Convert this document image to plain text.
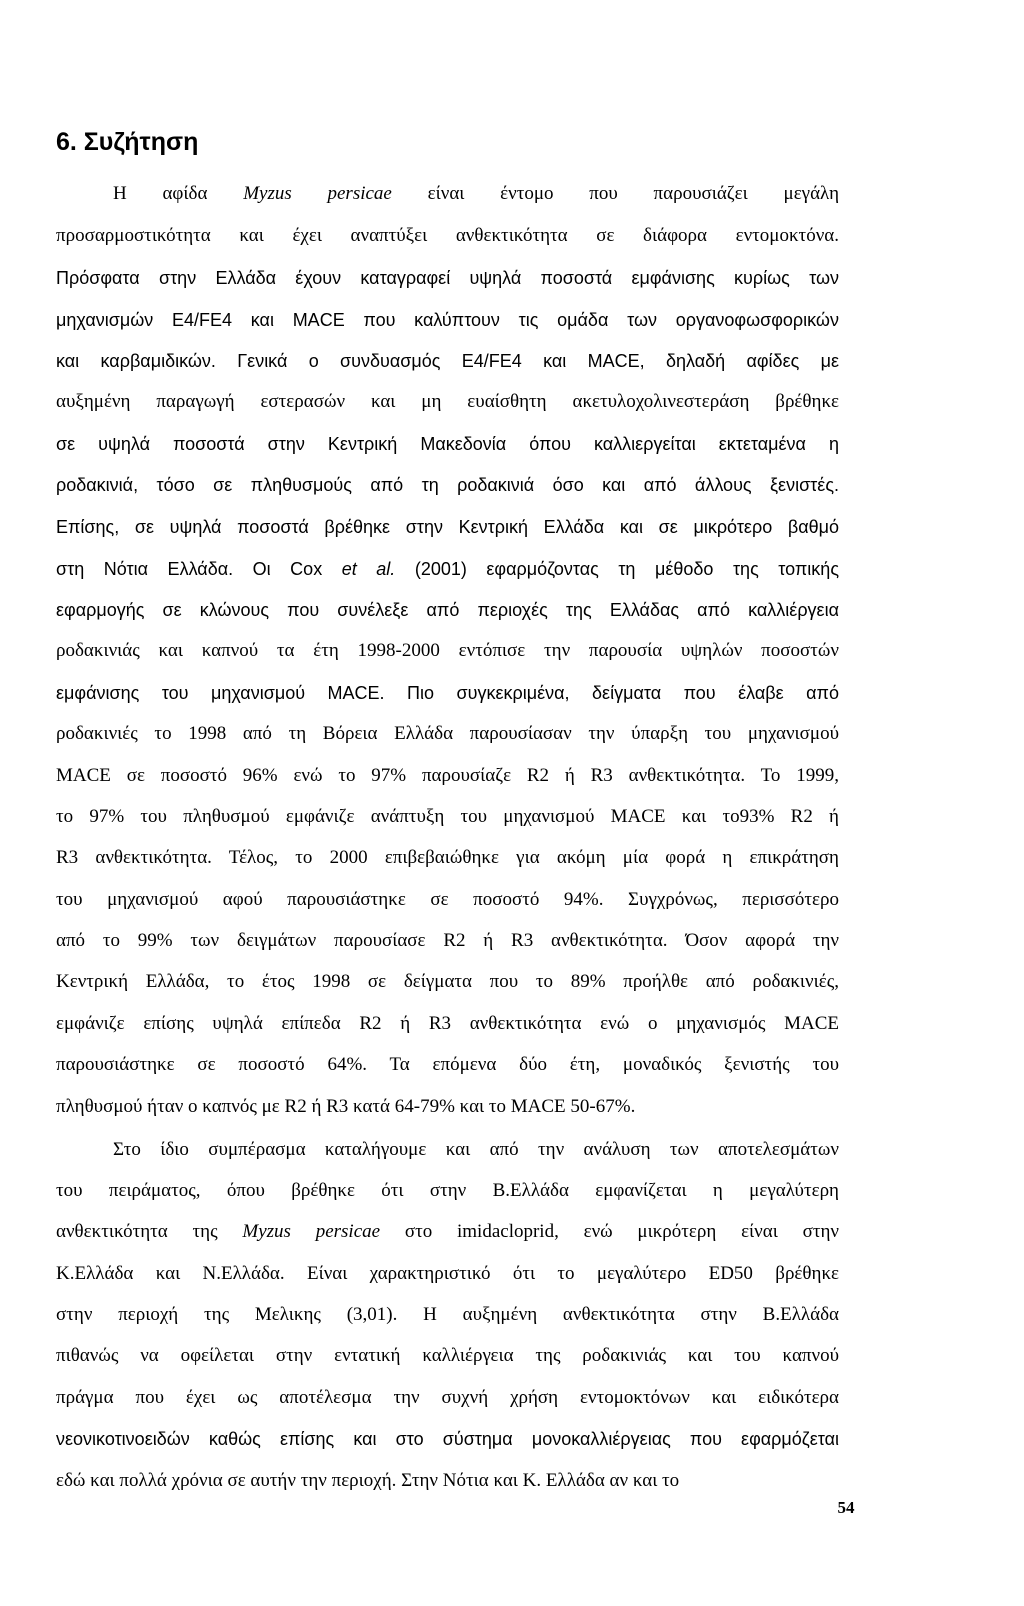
6. Συζήτηση
Η αφίδα Myzus persicae είναι έντομο που παρουσιάζει μεγάλη
προσαρμοστικότητα και έχει αναπτύξει ανθεκτικότητα σε διάφορα εντομοκτόνα.
Πρόσφατα στην Ελλάδα έχουν καταγραφεί υψηλά ποσοστά εμφάνισης κυρίως των
μηχανισμών E4/FE4 και MACE που καλύπτουν τις ομάδα των οργανοφωσφορικών
και καρβαμιδικών. Γενικά ο συνδυασμός E4/FE4 και MACE, δηλαδή αφίδες με
αυξημένη παραγωγή εστερασών και μη ευαίσθητη ακετυλοχολινεστεράση βρέθηκε
σε υψηλά ποσοστά στην Κεντρική Μακεδονία όπου καλλιεργείται εκτεταμένα η
ροδακινιά, τόσο σε πληθυσμούς από τη ροδακινιά όσο και από άλλους ξενιστές.
Επίσης, σε υψηλά ποσοστά βρέθηκε στην Κεντρική Ελλάδα και σε μικρότερο βαθμό
στη Νότια Ελλάδα. Οι Cox et al. (2001) εφαρμόζοντας τη μέθοδο της τοπικής
εφαρμογής σε κλώνους που συνέλεξε από περιοχές της Ελλάδας από καλλιέργεια
ροδακινιάς και καπνού τα έτη 1998-2000 εντόπισε την παρουσία υψηλών ποσοστών
εμφάνισης του μηχανισμού MACE. Πιο συγκεκριμένα, δείγματα που έλαβε από
ροδακινιές το 1998 από τη Βόρεια Ελλάδα παρουσίασαν την ύπαρξη του μηχανισμού
MACE σε ποσοστό 96% ενώ το 97% παρουσίαζε R2 ή R3 ανθεκτικότητα. Το 1999,
το 97% του πληθυσμού εμφάνιζε ανάπτυξη του μηχανισμού MACE και το93% R2 ή
R3 ανθεκτικότητα. Τέλος, το 2000 επιβεβαιώθηκε για ακόμη μία φορά η επικράτηση
του μηχανισμού αφού παρουσιάστηκε σε ποσοστό 94%. Συγχρόνως, περισσότερο
από το 99% των δειγμάτων παρουσίασε R2 ή R3 ανθεκτικότητα. Όσον αφορά την
Κεντρική Ελλάδα, το έτος 1998 σε δείγματα που το 89% προήλθε από ροδακινιές,
εμφάνιζε επίσης υψηλά επίπεδα R2 ή R3 ανθεκτικότητα ενώ ο μηχανισμός MACE
παρουσιάστηκε σε ποσοστό 64%. Τα επόμενα δύο έτη, μοναδικός ξενιστής του
πληθυσμού ήταν ο καπνός με R2 ή R3 κατά 64-79% και το MACE 50-67%.
Στο ίδιο συμπέρασμα καταλήγουμε και από την ανάλυση των αποτελεσμάτων
του πειράματος, όπου βρέθηκε ότι στην Β.Ελλάδα εμφανίζεται η μεγαλύτερη
ανθεκτικότητα της Myzus persicae στο imidacloprid, ενώ μικρότερη είναι στην
Κ.Ελλάδα και Ν.Ελλάδα. Είναι χαρακτηριστικό ότι το μεγαλύτερο ED50 βρέθηκε
στην περιοχή της Μελικης (3,01). Η αυξημένη ανθεκτικότητα στην Β.Ελλάδα
πιθανώς να οφείλεται στην εντατική καλλιέργεια της ροδακινιάς και του καπνού
πράγμα που έχει ως αποτέλεσμα την συχνή χρήση εντομοκτόνων και ειδικότερα
νεονικοτινοειδών καθώς επίσης και στο σύστημα μονοκαλλιέργειας που εφαρμόζεται
εδώ και πολλά χρόνια σε αυτήν την περιοχή. Στην Νότια και Κ. Ελλάδα αν και το
54
